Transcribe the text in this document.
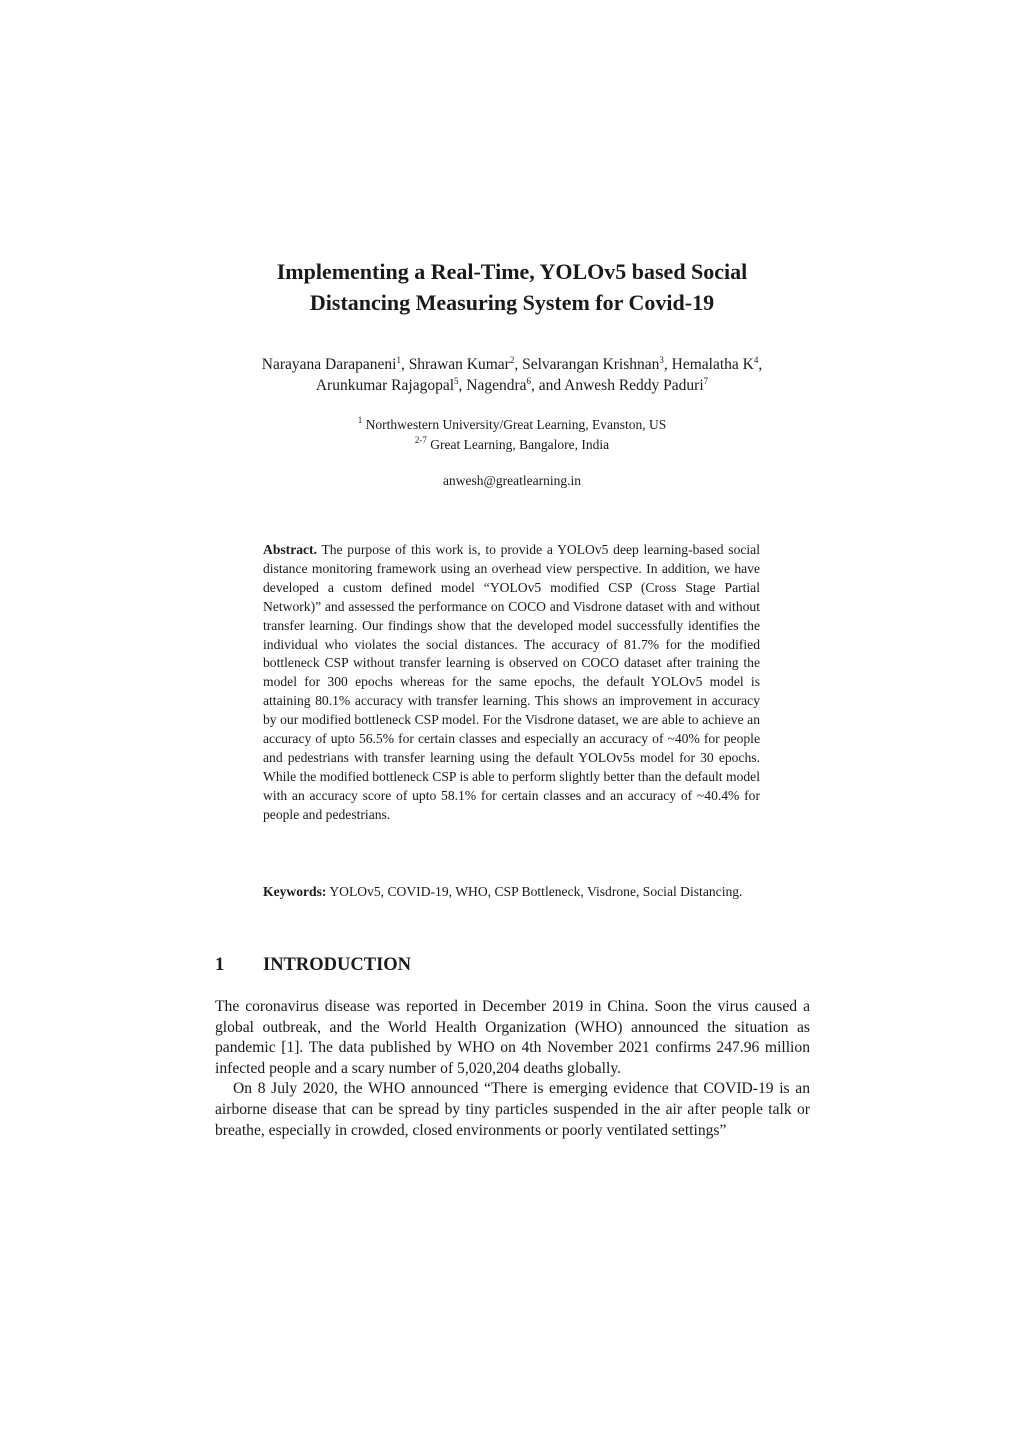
Implementing a Real-Time, YOLOv5 based Social
Distancing Measuring System for Covid-19
Narayana Darapaneni$^1$, Shrawan Kumar$^2$, Selvarangan Krishnan$^3$, Hemalatha $K^4$,
Arunkumar Rajagopal$^5$, Nagendra$^6$, and Anwesh Reddy Paduri$^7$
$^1$ Northwestern University/Great Learning, Evanston, US
$^{2-7}$ Great Learning, Bangalore, India
anwesh@greatlearning.in

Abstract. The purpose of this work is, to provide a YOLOv5 deep learning-based social distance monitoring framework using an overhead view perspective. In addition, we have developed a custom defined model “YOLOv5 modified CSP (Cross Stage Partial Network)” and assessed the performance on COCO and Visdrone dataset with and without transfer learning. Our findings show that the developed model successfully identifies the individual who violates the social distances. The accuracy of 81.7% for the modified bottleneck CSP without transfer learning is observed on COCO dataset after training the model for 300 epochs whereas for the same epochs, the default YOLOv5 model is attaining 80.1% accuracy with transfer learning. This shows an improvement in accuracy by our modified bottleneck CSP model. For the Visdrone dataset, we are able to achieve an accuracy of upto 56.5% for certain classes and especially an accuracy of ~40% for people and pedestrians with transfer learning using the default YOLOv5s model for 30 epochs. While the modified bottleneck CSP is able to perform slightly better than the default model with an accuracy score of upto 58.1% for certain classes and an accuracy of ~40.4% for people and pedestrians.

Keywords: YOLOv5, COVID-19, WHO, CSP Bottleneck, Visdrone, Social Distancing.

1 INTRODUCTION

The coronavirus disease was reported in December 2019 in China. Soon the virus caused a global outbreak, and the World Health Organization (WHO) announced the situation as pandemic [1]. The data published by WHO on 4th November 2021 confirms 247.96 million infected people and a scary number of 5,020,204 deaths globally.

On 8 July 2020, the WHO announced “There is emerging evidence that COVID-19 is an airborne disease that can be spread by tiny particles suspended in the air after people talk or breathe, especially in crowded, closed environments or poorly ventilated settings”
